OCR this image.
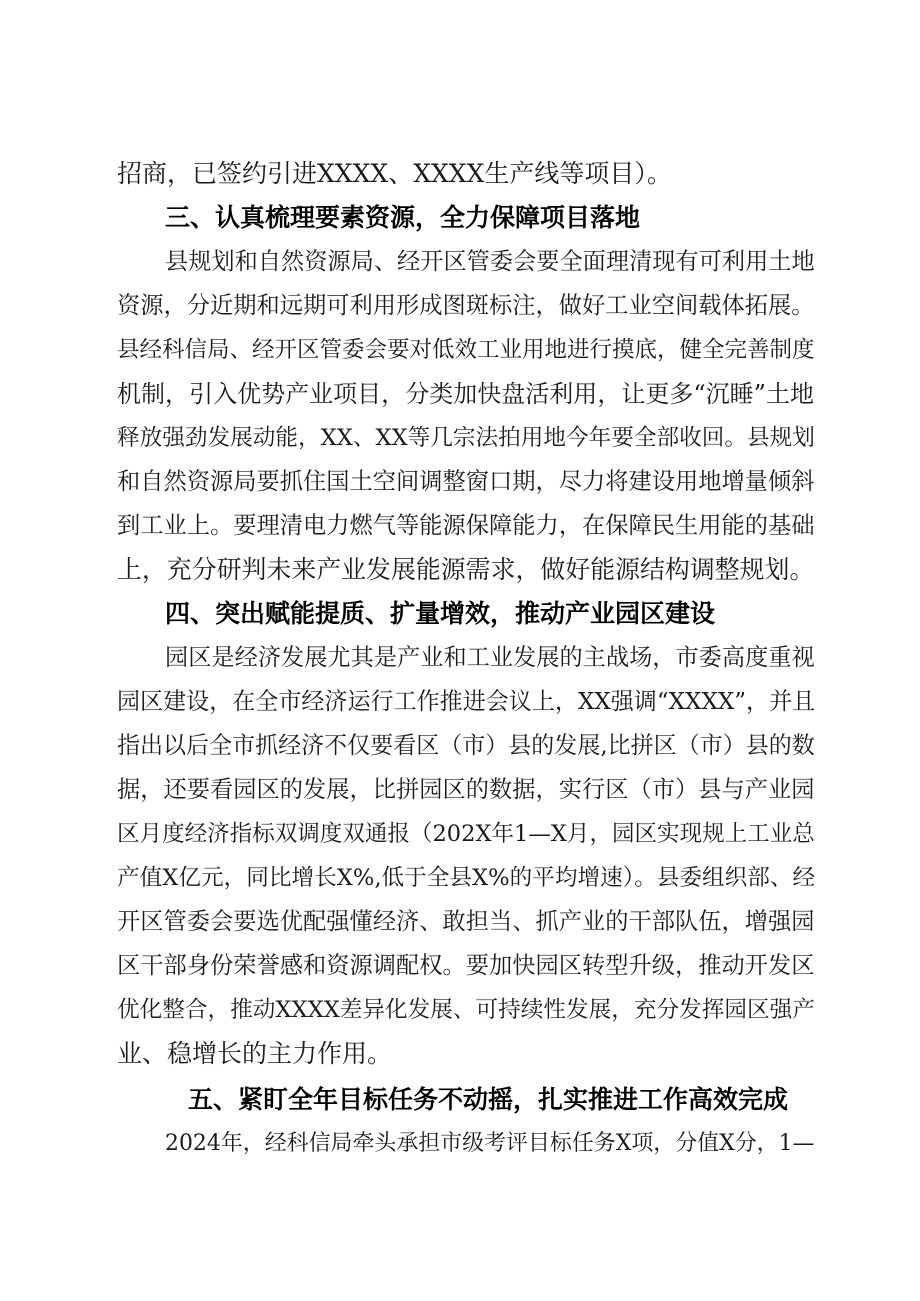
招商，已签约引进XXXX、XXXX生产线等项目）。
三、认真梳理要素资源，全力保障项目落地
县规划和自然资源局、经开区管委会要全面理清现有可利用土地
资源，分近期和远期可利用形成图斑标注，做好工业空间载体拓展。
县经科信局、经开区管委会要对低效工业用地进行摸底，健全完善制度
机制，引入优势产业项目，分类加快盘活利用，让更多“沉睡”土地
释放强劲发展动能，XX、XX等几宗法拍用地今年要全部收回。县规划
和自然资源局要抓住国土空间调整窗口期，尽力将建设用地增量倾斜
到工业上。要理清电力燃气等能源保障能力，在保障民生用能的基础
上，充分研判未来产业发展能源需求，做好能源结构调整规划。
四、突出赋能提质、扩量增效，推动产业园区建设
园区是经济发展尤其是产业和工业发展的主战场，市委高度重视
园区建设，在全市经济运行工作推进会议上，XX强调“XXXX”，并且
指出以后全市抓经济不仅要看区（市）县的发展,比拼区（市）县的数
据，还要看园区的发展，比拼园区的数据，实行区（市）县与产业园
区月度经济指标双调度双通报（202X年1—X月，园区实现规上工业总
产值X亿元，同比增长X%,低于全县X%的平均增速）。县委组织部、经
开区管委会要选优配强懂经济、敢担当、抓产业的干部队伍，增强园
区干部身份荣誉感和资源调配权。要加快园区转型升级，推动开发区
优化整合，推动XXXX差异化发展、可持续性发展，充分发挥园区强产
业、稳增长的主力作用。
五、紧盯全年目标任务不动摇，扎实推进工作高效完成
2024年，经科信局牵头承担市级考评目标任务X项，分值X分，1—
